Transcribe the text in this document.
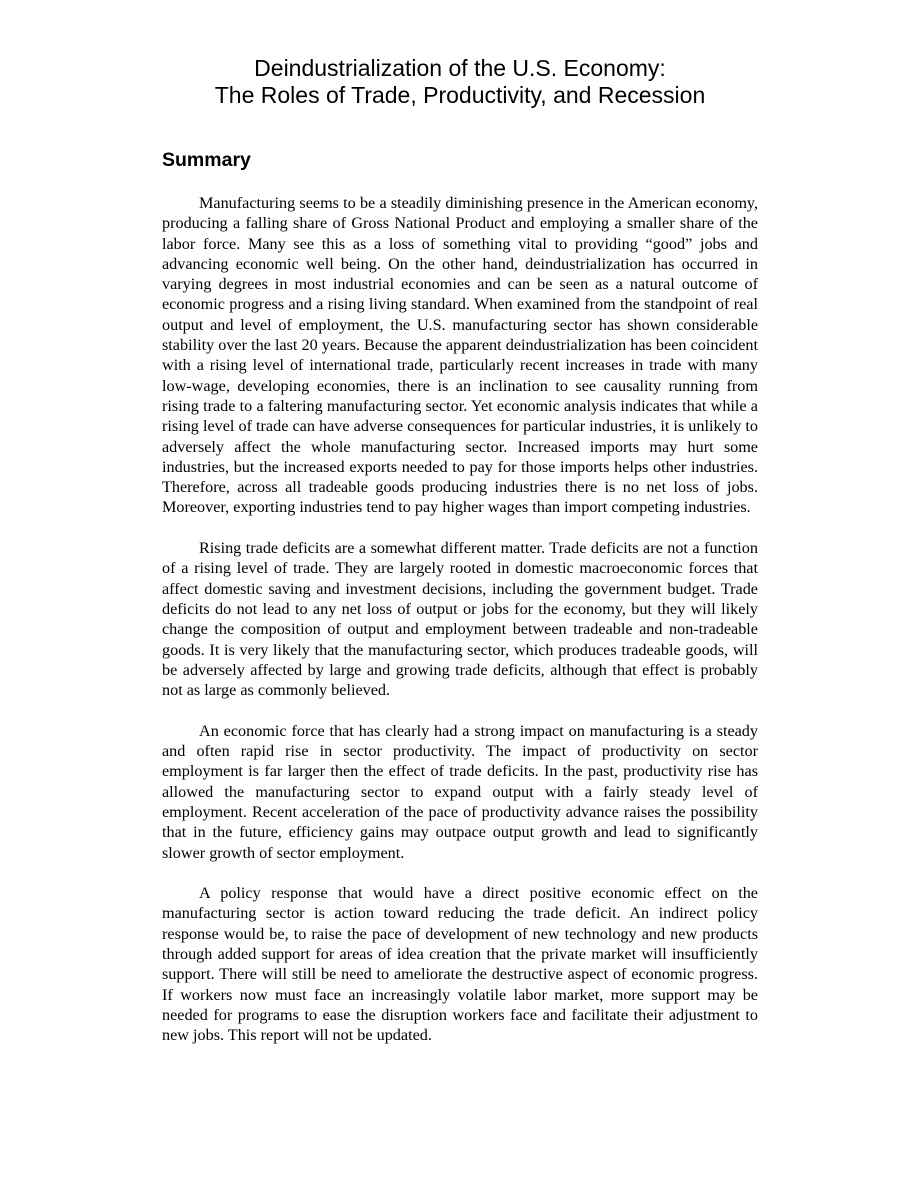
Deindustrialization of the U.S. Economy:
The Roles of Trade, Productivity, and Recession
Summary

Manufacturing seems to be a steadily diminishing presence in the American economy, producing a falling share of Gross National Product and employing a smaller share of the labor force. Many see this as a loss of something vital to providing “good” jobs and advancing economic well being. On the other hand, deindustrialization has occurred in varying degrees in most industrial economies and can be seen as a natural outcome of economic progress and a rising living standard. When examined from the standpoint of real output and level of employment, the U.S. manufacturing sector has shown considerable stability over the last 20 years. Because the apparent deindustrialization has been coincident with a rising level of international trade, particularly recent increases in trade with many low-wage, developing economies, there is an inclination to see causality running from rising trade to a faltering manufacturing sector. Yet economic analysis indicates that while a rising level of trade can have adverse consequences for particular industries, it is unlikely to adversely affect the whole manufacturing sector. Increased imports may hurt some industries, but the increased exports needed to pay for those imports helps other industries. Therefore, across all tradeable goods producing industries there is no net loss of jobs. Moreover, exporting industries tend to pay higher wages than import competing industries.

Rising trade deficits are a somewhat different matter. Trade deficits are not a function of a rising level of trade. They are largely rooted in domestic macroeconomic forces that affect domestic saving and investment decisions, including the government budget. Trade deficits do not lead to any net loss of output or jobs for the economy, but they will likely change the composition of output and employment between tradeable and non-tradeable goods. It is very likely that the manufacturing sector, which produces tradeable goods, will be adversely affected by large and growing trade deficits, although that effect is probably not as large as commonly believed.

An economic force that has clearly had a strong impact on manufacturing is a steady and often rapid rise in sector productivity. The impact of productivity on sector employment is far larger then the effect of trade deficits. In the past, productivity rise has allowed the manufacturing sector to expand output with a fairly steady level of employment. Recent acceleration of the pace of productivity advance raises the possibility that in the future, efficiency gains may outpace output growth and lead to significantly slower growth of sector employment.

A policy response that would have a direct positive economic effect on the manufacturing sector is action toward reducing the trade deficit. An indirect policy response would be, to raise the pace of development of new technology and new products through added support for areas of idea creation that the private market will insufficiently support. There will still be need to ameliorate the destructive aspect of economic progress. If workers now must face an increasingly volatile labor market, more support may be needed for programs to ease the disruption workers face and facilitate their adjustment to new jobs. This report will not be updated.
